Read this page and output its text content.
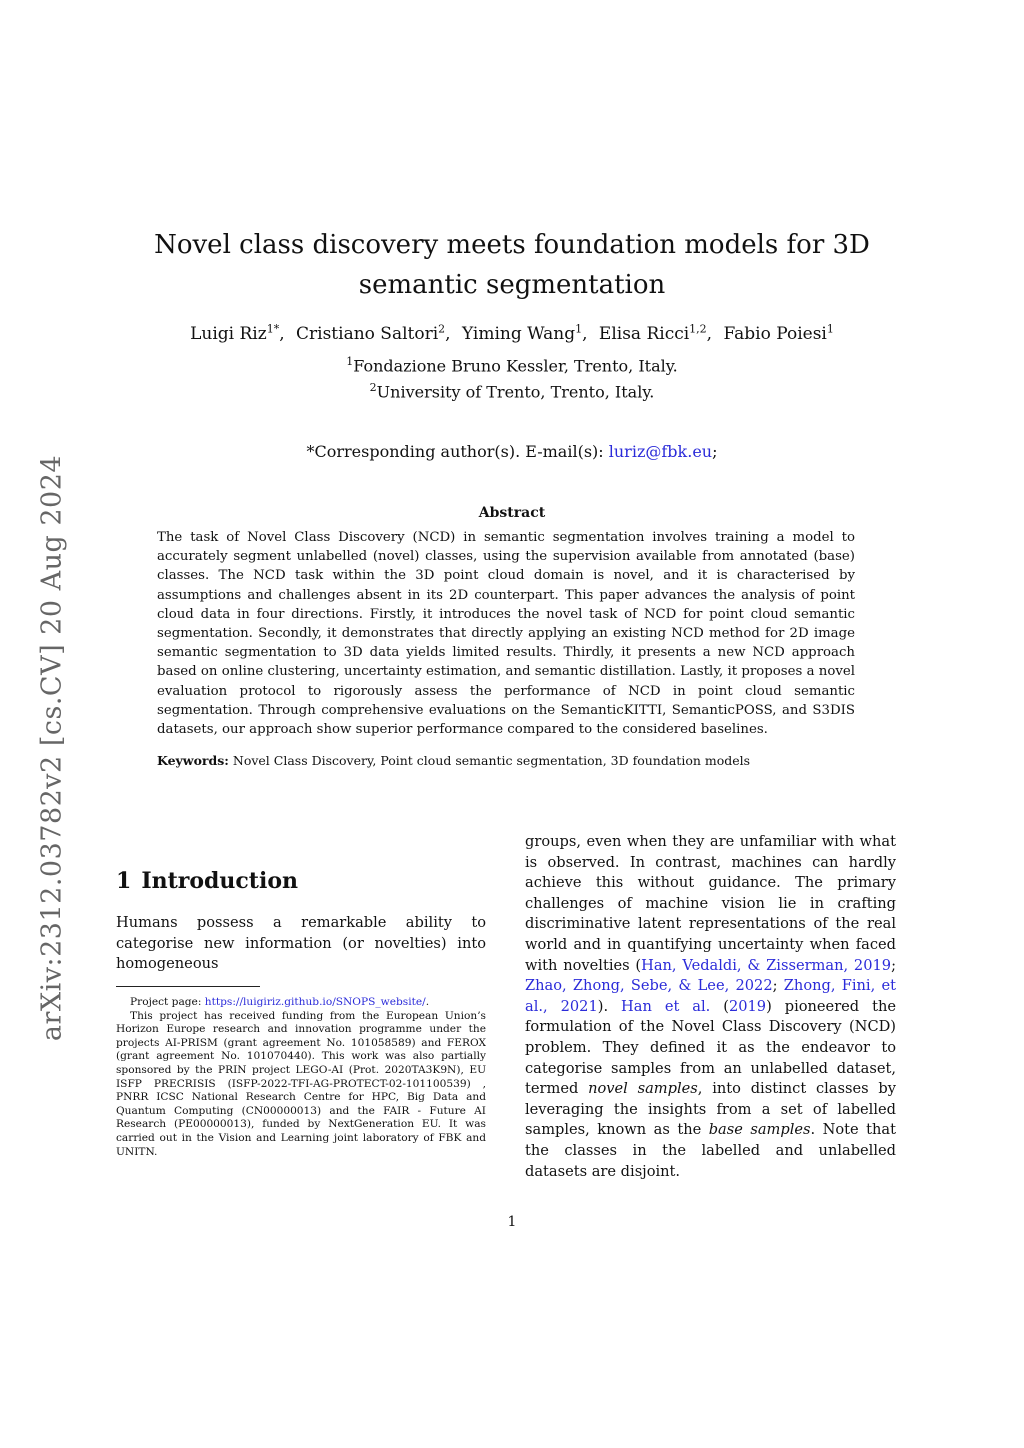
arXiv:2312.03782v2 [cs.CV] 20 Aug 2024
Novel class discovery meets foundation models for 3D
semantic segmentation
Luigi Riz$^{1*}$, Cristiano Saltori$^2$, Yiming Wang$^1$, Elisa Ricci$^{1,2}$, Fabio Poiesi$^1$
$^1$Fondazione Bruno Kessler, Trento, Italy.
$^2$University of Trento, Trento, Italy.
*Corresponding author(s). E-mail(s): luriz@fbk.eu;
Abstract

The task of Novel Class Discovery (NCD) in semantic segmentation involves training a model to accurately segment unlabelled (novel) classes, using the supervision available from annotated (base) classes. The NCD task within the 3D point cloud domain is novel, and it is characterised by assumptions and challenges absent in its 2D counterpart. This paper advances the analysis of point cloud data in four directions. Firstly, it introduces the novel task of NCD for point cloud semantic segmentation. Secondly, it demonstrates that directly applying an existing NCD method for 2D image semantic segmentation to 3D data yields limited results. Thirdly, it presents a new NCD approach based on online clustering, uncertainty estimation, and semantic distillation. Lastly, it proposes a novel evaluation protocol to rigorously assess the performance of NCD in point cloud semantic segmentation. Through comprehensive evaluations on the SemanticKITTI, SemanticPOSS, and S3DIS datasets, our approach show superior performance compared to the considered baselines.

Keywords: Novel Class Discovery, Point cloud semantic segmentation, 3D foundation models

1 Introduction

Humans possess a remarkable ability to categorise new information (or novelties) into homogeneous

Project page: https://luigiriz.github.io/SNOPS_website/.

This project has received funding from the European Union’s Horizon Europe research and innovation programme under the projects AI-PRISM (grant agreement No. 101058589) and FEROX (grant agreement No. 101070440). This work was also partially sponsored by the PRIN project LEGO-AI (Prot. 2020TA3K9N), EU ISFP PRECRISIS (ISFP-2022-TFI-AG-PROTECT-02-101100539) , PNRR ICSC National Research Centre for HPC, Big Data and Quantum Computing (CN00000013) and the FAIR - Future AI Research (PE00000013), funded by NextGeneration EU. It was carried out in the Vision and Learning joint laboratory of FBK and UNITN.

groups, even when they are unfamiliar with what is observed. In contrast, machines can hardly achieve this without guidance. The primary challenges of machine vision lie in crafting discriminative latent representations of the real world and in quantifying uncertainty when faced with novelties (Han, Vedaldi, & Zisserman, 2019; Zhao, Zhong, Sebe, & Lee, 2022; Zhong, Fini, et al., 2021). Han et al. (2019) pioneered the formulation of the Novel Class Discovery (NCD) problem. They defined it as the endeavor to categorise samples from an unlabelled dataset, termed novel samples, into distinct classes by leveraging the insights from a set of labelled samples, known as the base samples. Note that the classes in the labelled and unlabelled datasets are disjoint.

1
